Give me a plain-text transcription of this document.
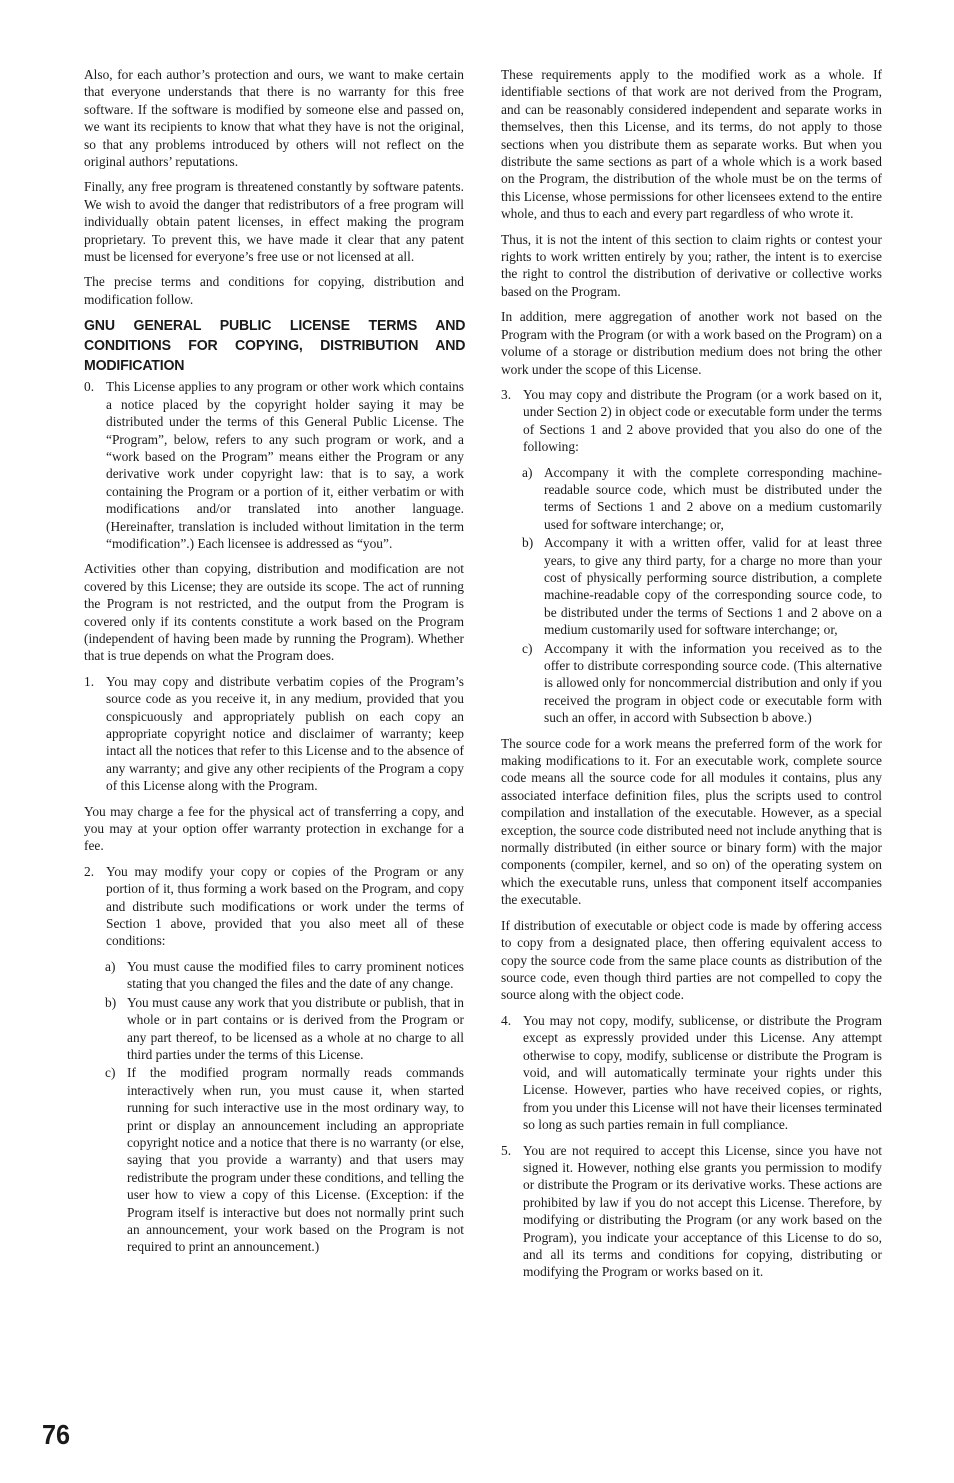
Also, for each author’s protection and ours, we want to make certain that everyone understands that there is no warranty for this free software. If the software is modified by someone else and passed on, we want its recipients to know that what they have is not the original, so that any problems introduced by others will not reflect on the original authors’ reputations.

Finally, any free program is threatened constantly by software patents. We wish to avoid the danger that redistributors of a free program will individually obtain patent licenses, in effect making the program proprietary. To prevent this, we have made it clear that any patent must be licensed for everyone’s free use or not licensed at all.

The precise terms and conditions for copying, distribution and modification follow.

GNU GENERAL PUBLIC LICENSE TERMS AND CONDITIONS FOR COPYING, DISTRIBUTION AND MODIFICATION
0. This License applies to any program or other work which contains a notice placed by the copyright holder saying it may be distributed under the terms of this General Public License. The “Program”, below, refers to any such program or work, and a “work based on the Program” means either the Program or any derivative work under copyright law: that is to say, a work containing the Program or a portion of it, either verbatim or with modifications and/or translated into another language. (Hereinafter, translation is included without limitation in the term “modification”.) Each licensee is addressed as “you”.

Activities other than copying, distribution and modification are not covered by this License; they are outside its scope. The act of running the Program is not restricted, and the output from the Program is covered only if its contents constitute a work based on the Program (independent of having been made by running the Program). Whether that is true depends on what the Program does.

1. You may copy and distribute verbatim copies of the Program’s source code as you receive it, in any medium, provided that you conspicuously and appropriately publish on each copy an appropriate copyright notice and disclaimer of warranty; keep intact all the notices that refer to this License and to the absence of any warranty; and give any other recipients of the Program a copy of this License along with the Program.

You may charge a fee for the physical act of transferring a copy, and you may at your option offer warranty protection in exchange for a fee.

2. You may modify your copy or copies of the Program or any portion of it, thus forming a work based on the Program, and copy and distribute such modifications or work under the terms of Section 1 above, provided that you also meet all of these conditions:
a) You must cause the modified files to carry prominent notices stating that you changed the files and the date of any change.
b) You must cause any work that you distribute or publish, that in whole or in part contains or is derived from the Program or any part thereof, to be licensed as a whole at no charge to all third parties under the terms of this License.
c) If the modified program normally reads commands interactively when run, you must cause it, when started running for such interactive use in the most ordinary way, to print or display an announcement including an appropriate copyright notice and a notice that there is no warranty (or else, saying that you provide a warranty) and that users may redistribute the program under these conditions, and telling the user how to view a copy of this License. (Exception: if the Program itself is interactive but does not normally print such an announcement, your work based on the Program is not required to print an announcement.)

These requirements apply to the modified work as a whole. If identifiable sections of that work are not derived from the Program, and can be reasonably considered independent and separate works in themselves, then this License, and its terms, do not apply to those sections when you distribute them as separate works. But when you distribute the same sections as part of a whole which is a work based on the Program, the distribution of the whole must be on the terms of this License, whose permissions for other licensees extend to the entire whole, and thus to each and every part regardless of who wrote it.

Thus, it is not the intent of this section to claim rights or contest your rights to work written entirely by you; rather, the intent is to exercise the right to control the distribution of derivative or collective works based on the Program.

In addition, mere aggregation of another work not based on the Program with the Program (or with a work based on the Program) on a volume of a storage or distribution medium does not bring the other work under the scope of this License.

3. You may copy and distribute the Program (or a work based on it, under Section 2) in object code or executable form under the terms of Sections 1 and 2 above provided that you also do one of the following:
a) Accompany it with the complete corresponding machine-readable source code, which must be distributed under the terms of Sections 1 and 2 above on a medium customarily used for software interchange; or,
b) Accompany it with a written offer, valid for at least three years, to give any third party, for a charge no more than your cost of physically performing source distribution, a complete machine-readable copy of the corresponding source code, to be distributed under the terms of Sections 1 and 2 above on a medium customarily used for software interchange; or,
c) Accompany it with the information you received as to the offer to distribute corresponding source code. (This alternative is allowed only for noncommercial distribution and only if you received the program in object code or executable form with such an offer, in accord with Subsection b above.)

The source code for a work means the preferred form of the work for making modifications to it. For an executable work, complete source code means all the source code for all modules it contains, plus any associated interface definition files, plus the scripts used to control compilation and installation of the executable. However, as a special exception, the source code distributed need not include anything that is normally distributed (in either source or binary form) with the major components (compiler, kernel, and so on) of the operating system on which the executable runs, unless that component itself accompanies the executable.

If distribution of executable or object code is made by offering access to copy from a designated place, then offering equivalent access to copy the source code from the same place counts as distribution of the source code, even though third parties are not compelled to copy the source along with the object code.

4. You may not copy, modify, sublicense, or distribute the Program except as expressly provided under this License. Any attempt otherwise to copy, modify, sublicense or distribute the Program is void, and will automatically terminate your rights under this License. However, parties who have received copies, or rights, from you under this License will not have their licenses terminated so long as such parties remain in full compliance.
5. You are not required to accept this License, since you have not signed it. However, nothing else grants you permission to modify or distribute the Program or its derivative works. These actions are prohibited by law if you do not accept this License. Therefore, by modifying or distributing the Program (or any work based on the Program), you indicate your acceptance of this License to do so, and all its terms and conditions for copying, distributing or modifying the Program or works based on it.
76
